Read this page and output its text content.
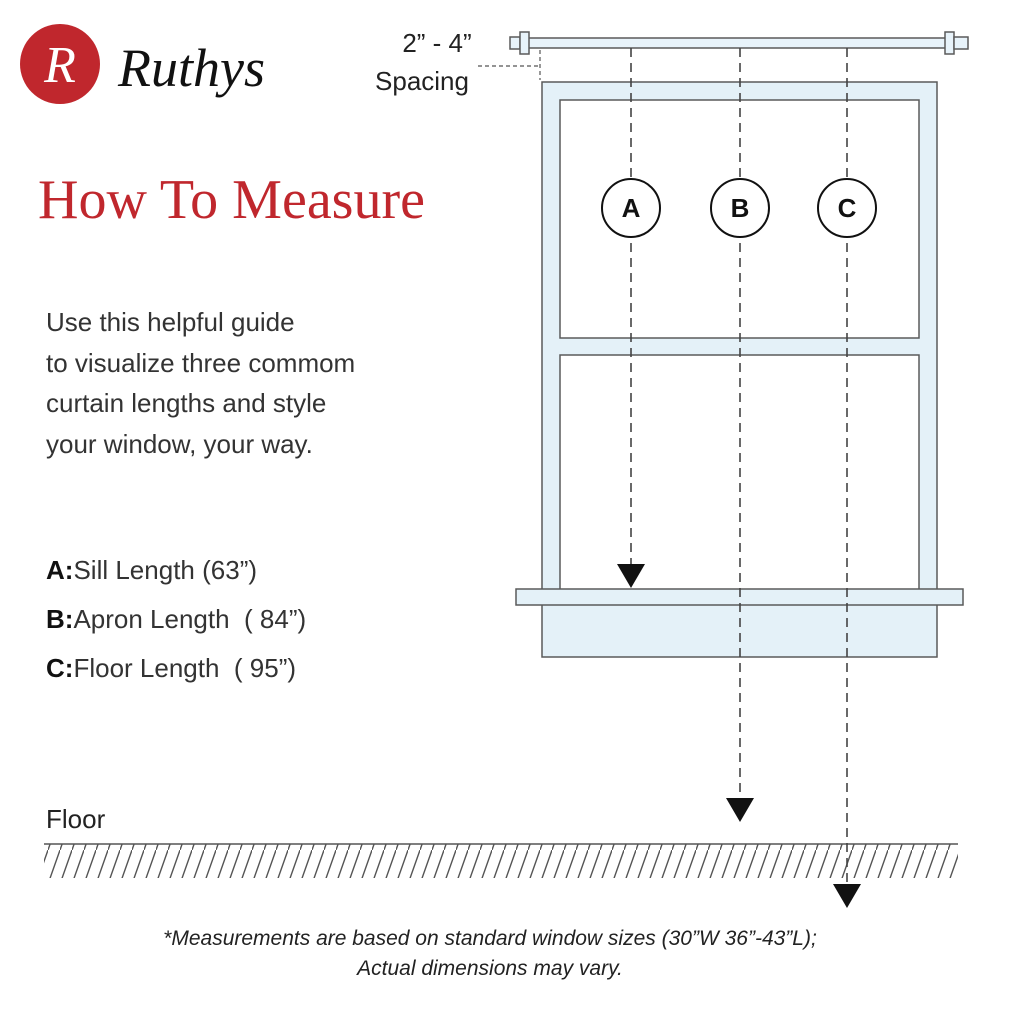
R Ruthys	2” - 4”
Spacing
A	B	C
How To Measure
Use this helpful guide
to visualize three commom
curtain lengths and style
your window, your way.
A:Sill Length (63”)
B:Apron Length ( 84”)
C:Floor Length ( 95”)
Floor
*Measurements are based on standard window sizes (30”W 36”-43”L);
Actual dimensions may vary.
